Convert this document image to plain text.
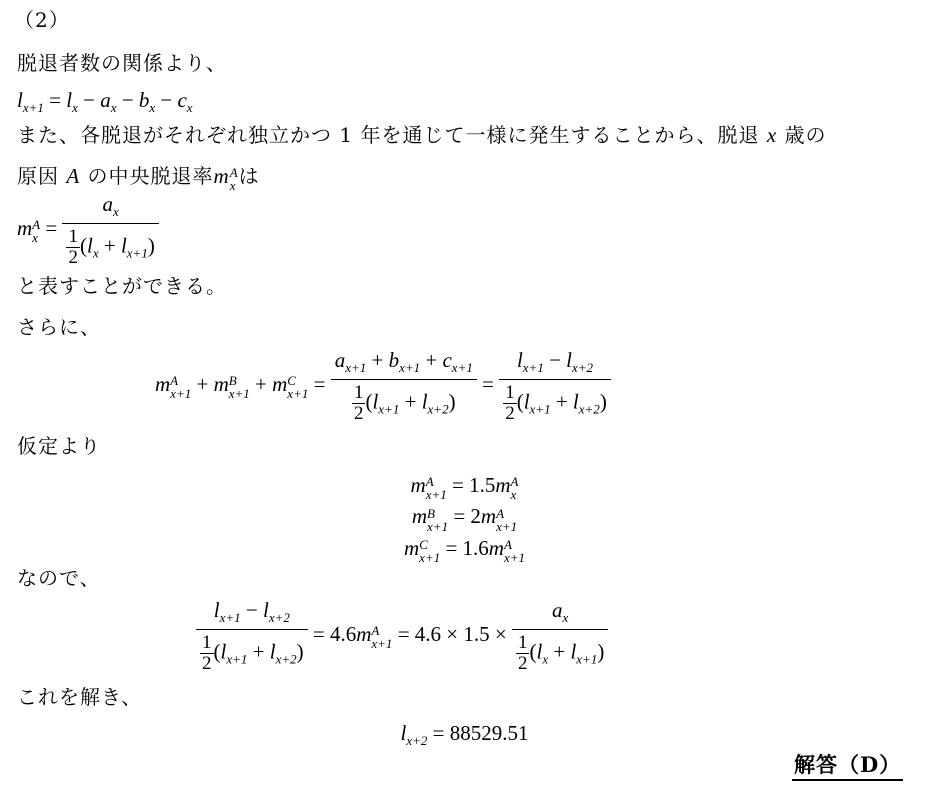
（2）
脱退者数の関係より、
$l_{x+1} = l_x - a_x - b_x - c_x$
また、各脱退がそれぞれ独立かつ 1 年を通じて一様に発生することから、脱退 x 歳の
原因 A の中央脱退率m A
x は
m A
$x = \frac{a_x}{\frac{1}{2} (l_x + l_{x+1})}$
と表すことができる。
さらに、
m A
x+1 + m B
x+1 + m C
$x+1 = \frac{a_{x+1} + b_{x+1} + c_{x+1}}{\frac{1}{2} (l_{x+1} + l_{x+2})} = \frac{l_{x+1} - l_{x+2}}{\frac{1}{2} (l_{x+1} + l_{x+2})}$
仮定より
m A
x+1 = 1.5m A
x
m B
x+1 = 2m A
x+1
m C
x+1 = 1.6m A
x+1
なので、
$\frac{l_{x+1} - l_{x+2}}{\frac{1}{2} (l_{x+1} + l_{x+2})} = 4.6m$ A
$x+1 = 4.6 \times 1.5 \times \frac{a_x}{\frac{1}{2} (l_x + l_{x+1})}$
これを解き、
$l_{x+2} = 88529.51$
解答（D）
